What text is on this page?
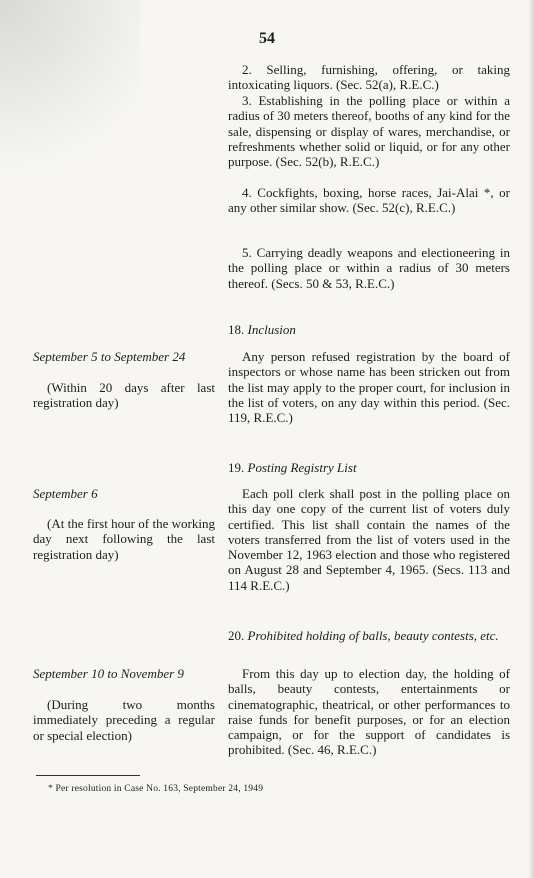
54

2. Selling, furnishing, offering, or taking intoxicating liquors. (Sec. 52(a), R.E.C.)

3. Establishing in the polling place or within a radius of 30 meters thereof, booths of any kind for the sale, dispensing or display of wares, merchandise, or refreshments whether solid or liquid, or for any other purpose. (Sec. 52(b), R.E.C.)

4. Cockfights, boxing, horse races, Jai-Alai *, or any other similar show. (Sec. 52(c), R.E.C.)

5. Carrying deadly weapons and electioneering in the polling place or within a radius of 30 meters thereof. (Secs. 50 & 53, R.E.C.)

18. Inclusion
September 5 to September 24
(Within 20 days after last registration day)

Any person refused registration by the board of inspectors or whose name has been stricken out from the list may apply to the proper court, for inclusion in the list of voters, on any day within this period. (Sec. 119, R.E.C.)

19. Posting Registry List
September 6
(At the first hour of the working day next following the last registration day)

Each poll clerk shall post in the polling place on this day one copy of the current list of voters duly certified. This list shall contain the names of the voters transferred from the list of voters used in the November 12, 1963 election and those who registered on August 28 and September 4, 1965. (Secs. 113 and 114 R.E.C.)

20. Prohibited holding of balls, beauty contests, etc.
September 10 to November 9
(During two months immediately preceding a regular or special election)

From this day up to election day, the holding of balls, beauty contests, entertainments or cinematographic, theatrical, or other performances to raise funds for benefit purposes, or for an election campaign, or for the support of candidates is prohibited. (Sec. 46, R.E.C.)

* Per resolution in Case No. 163, September 24, 1949
